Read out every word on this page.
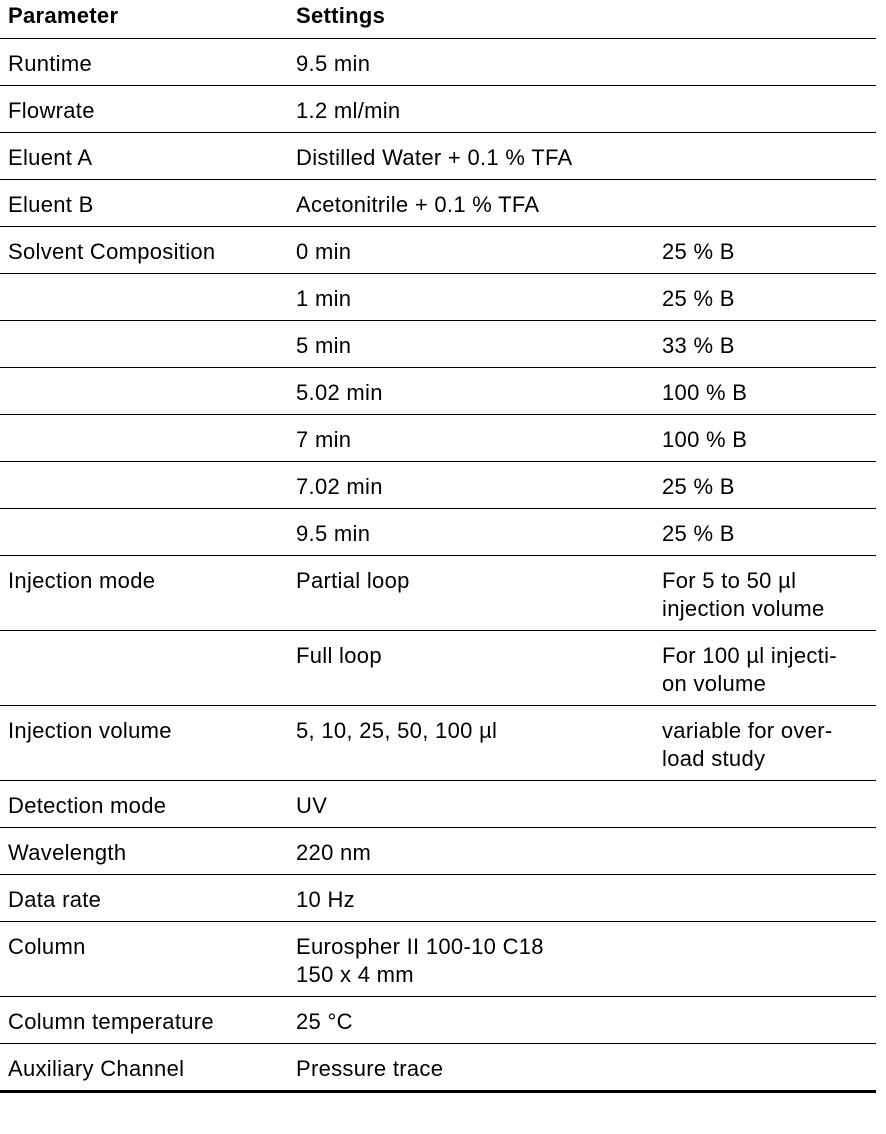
Parameter	Settings	
Runtime	9.5 min	
Flowrate	1.2 ml/min	
Eluent A	Distilled Water + 0.1 % TFA	
Eluent B	Acetonitrile + 0.1 % TFA	
Solvent Composition	0 min	25 % B
	1 min	25 % B
	5 min	33 % B
	5.02 min	100 % B
	7 min	100 % B
	7.02 min	25 % B
	9.5 min	25 % B
Injection mode	Partial loop	For 5 to 50 µl
injection volume
	Full loop	For 100 µl injecti-
on volume
Injection volume	5, 10, 25, 50, 100 µl	variable for over-
load study
Detection mode	UV	
Wavelength	220 nm	
Data rate	10 Hz	
Column	Eurospher II 100-10 C18
150 x 4 mm	
Column temperature	25 °C	
Auxiliary Channel	Pressure trace	
